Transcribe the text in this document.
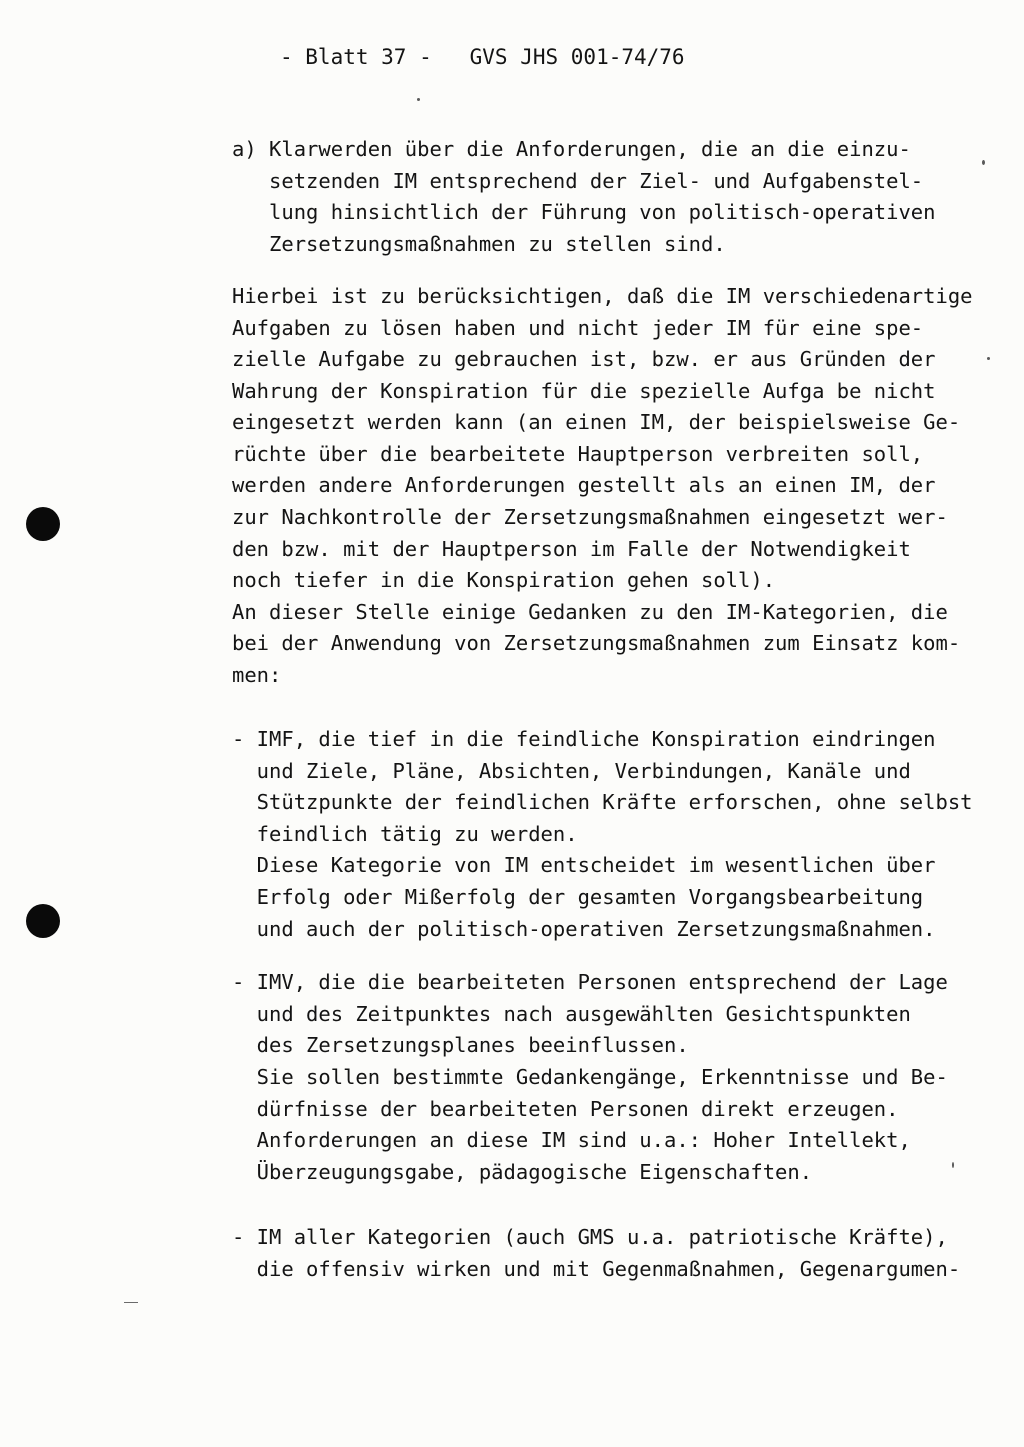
- Blatt 37 -   GVS JHS 001-74/76
a) Klarwerden über die Anforderungen, die an die einzu-
setzenden IM entsprechend der Ziel- und Aufgabenstel-
lung hinsichtlich der Führung von politisch-operativen
Zersetzungsmaßnahmen zu stellen sind.
Hierbei ist zu berücksichtigen, daß die IM verschiedenartige
Aufgaben zu lösen haben und nicht jeder IM für eine spe-
zielle Aufgabe zu gebrauchen ist, bzw. er aus Gründen der
Wahrung der Konspiration für die spezielle Aufga be nicht
eingesetzt werden kann (an einen IM, der beispielsweise Ge-
rüchte über die bearbeitete Hauptperson verbreiten soll,
werden andere Anforderungen gestellt als an einen IM, der
zur Nachkontrolle der Zersetzungsmaßnahmen eingesetzt wer-
den bzw. mit der Hauptperson im Falle der Notwendigkeit
noch tiefer in die Konspiration gehen soll).
An dieser Stelle einige Gedanken zu den IM-Kategorien, die
bei der Anwendung von Zersetzungsmaßnahmen zum Einsatz kom-
men:
- IMF, die tief in die feindliche Konspiration eindringen
und Ziele, Pläne, Absichten, Verbindungen, Kanäle und
Stützpunkte der feindlichen Kräfte erforschen, ohne selbst
feindlich tätig zu werden.
Diese Kategorie von IM entscheidet im wesentlichen über
Erfolg oder Mißerfolg der gesamten Vorgangsbearbeitung
und auch der politisch-operativen Zersetzungsmaßnahmen.
- IMV, die die bearbeiteten Personen entsprechend der Lage
und des Zeitpunktes nach ausgewählten Gesichtspunkten
des Zersetzungsplanes beeinflussen.
Sie sollen bestimmte Gedankengänge, Erkenntnisse und Be-
dürfnisse der bearbeiteten Personen direkt erzeugen.
Anforderungen an diese IM sind u.a.: Hoher Intellekt,
Überzeugungsgabe, pädagogische Eigenschaften.
- IM aller Kategorien (auch GMS u.a. patriotische Kräfte),
die offensiv wirken und mit Gegenmaßnahmen, Gegenargumen-
